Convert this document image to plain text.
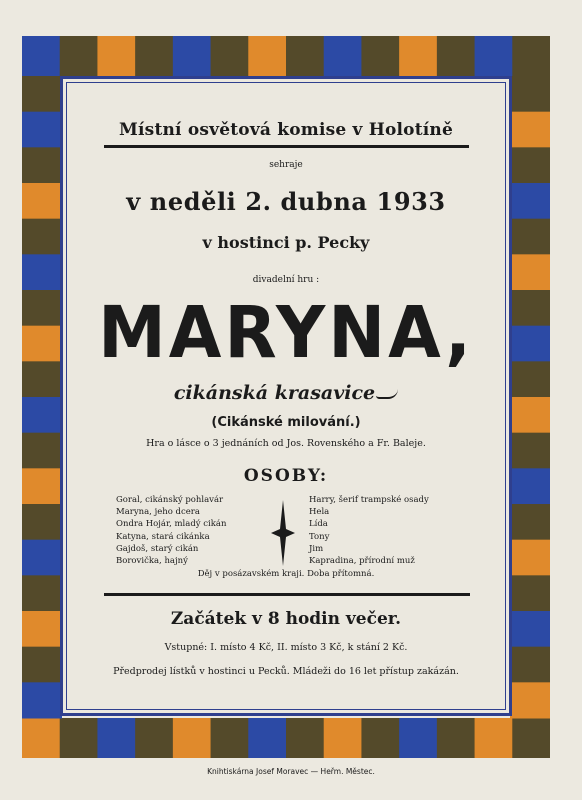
Místní osvětová komise v Holotíně
sehraje
v neděli 2. dubna 1933
v hostinci p. Pecky
divadelní hru :
MARYNA,
cikánská krasavice
(Cikánské milování.)
Hra o lásce o 3 jednáních od Jos. Rovenského a Fr. Baleje.
OSOBY:
Goral, cikánský pohlavár
Maryna, jeho dcera
Ondra Hojár, mladý cikán
Katyna, stará cikánka
Gajdoš, starý cikán
Borovička, hajný
Harry, šerif trampské osady
Hela
Lída
Tony
Jim
Kapradina, přírodní muž
Děj v posázavském kraji. Doba přítomná.
Začátek v 8 hodin večer.
Vstupné: I. místo 4 Kč, II. místo 3 Kč, k stání 2 Kč.
Předprodej lístků v hostinci u Pecků. Mládeži do 16 let přístup zakázán.
Knihtiskárna Josef Moravec — Heřm. Městec.
